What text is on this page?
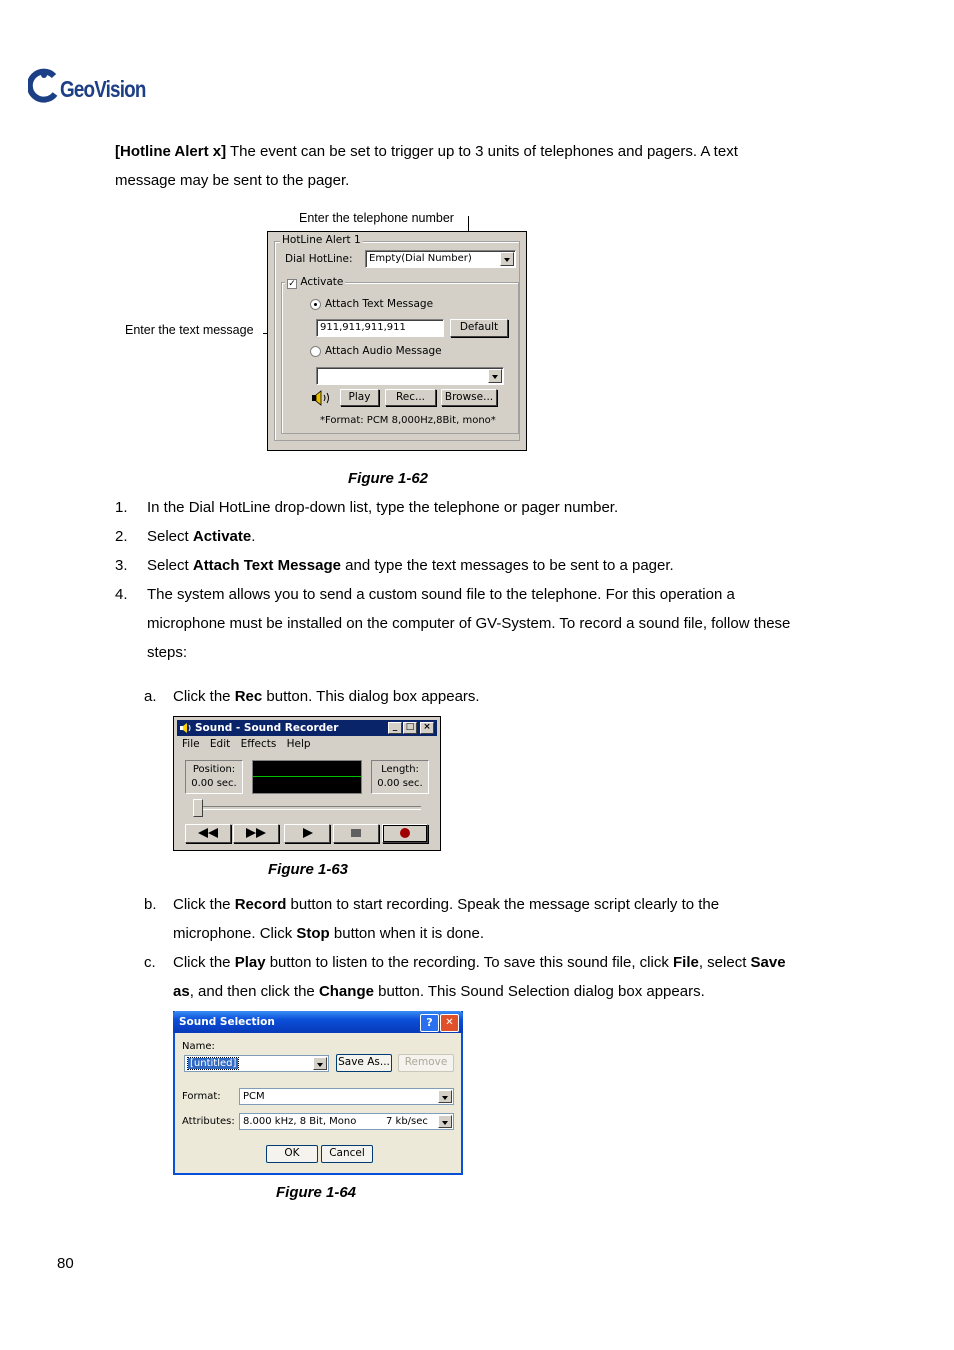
GeoVision
[Hotline Alert x] The event can be set to trigger up to 3 units of telephones and pagers. A text
message may be sent to the pager.
Enter the telephone number
Enter the text message
HotLine Alert 1
Dial HotLine:	Empty(Dial Number)
✓ Activate
Attach Text Message
911,911,911,911	Default
Attach Audio Message
Play	Rec...	Browse...
*Format: PCM 8,000Hz,8Bit, mono*
Figure 1-62
1. In the Dial HotLine drop-down list, type the telephone or pager number.
2. Select Activate.
3. Select Attach Text Message and type the text messages to be sent to a pager.
4. The system allows you to send a custom sound file to the telephone. For this operation a
microphone must be installed on the computer of GV-System. To record a sound file, follow these
steps:
a. Click the Rec button. This dialog box appears.
Sound - Sound Recorder	_ □ ×
File Edit Effects Help
Position:
0.00 sec.
Length:
0.00 sec.
Figure 1-63
b. Click the Record button to start recording. Speak the message script clearly to the
microphone. Click Stop button when it is done.
c. Click the Play button to listen to the recording. To save this sound file, click File, select Save
as, and then click the Change button. This Sound Selection dialog box appears.
Sound Selection	?	✕
Name:
[untitled]	Save As...	Remove
Format:	PCM
Attributes: 8.000 kHz, 8 Bit, Mono	7 kb/sec
OK	Cancel
Figure 1-64
80
